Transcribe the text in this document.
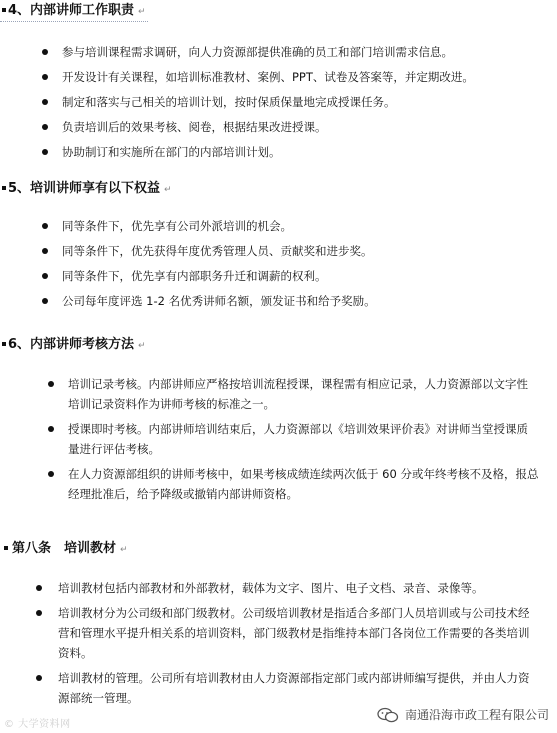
4、内部讲师工作职责 ↵
参与培训课程需求调研，向人力资源部提供准确的员工和部门培训需求信息。
开发设计有关课程，如培训标准教材、案例、PPT、试卷及答案等，并定期改进。
制定和落实与己相关的培训计划，按时保质保量地完成授课任务。
负责培训后的效果考核、阅卷，根据结果改进授课。
协助制订和实施所在部门的内部培训计划。
5、培训讲师享有以下权益 ↵
同等条件下，优先享有公司外派培训的机会。
同等条件下，优先获得年度优秀管理人员、贡献奖和进步奖。
同等条件下，优先享有内部职务升迁和调薪的权利。
公司每年度评选 1-2 名优秀讲师名额，颁发证书和给予奖励。
6、内部讲师考核方法 ↵
培训记录考核。内部讲师应严格按培训流程授课，课程需有相应记录，人力资源部以文字性
培训记录资料作为讲师考核的标准之一。
授课即时考核。内部讲师培训结束后，人力资源部以《培训效果评价表》对讲师当堂授课质
量进行评估考核。
在人力资源部组织的讲师考核中，如果考核成绩连续两次低于 60 分或年终考核不及格，报总
经理批准后，给予降级或撤销内部讲师资格。
第八条　培训教材 ↵
培训教材包括内部教材和外部教材，载体为文字、图片、电子文档、录音、录像等。
培训教材分为公司级和部门级教材。公司级培训教材是指适合多部门人员培训或与公司技术经
营和管理水平提升相关系的培训资料，部门级教材是指维持本部门各岗位工作需要的各类培训
资料。
培训教材的管理。公司所有培训教材由人力资源部指定部门或内部讲师编写提供，并由人力资
源部统一管理。
© 大学资料网
南通沿海市政工程有限公司
